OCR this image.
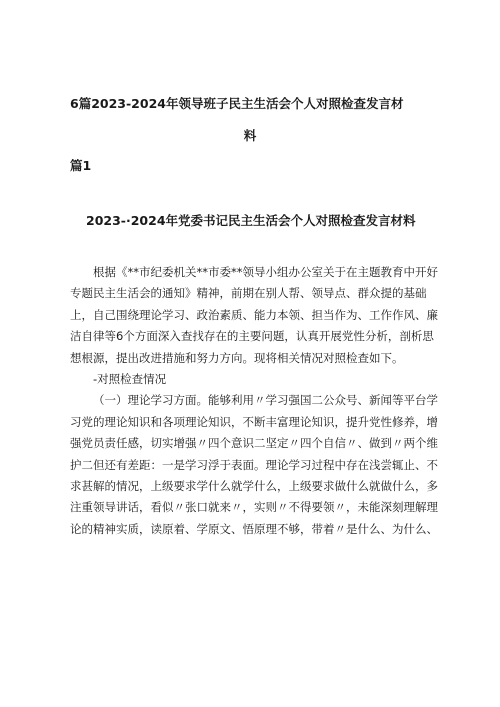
6篇2023-2024年领导班子民主生活会个人对照检查发言材
料
篇1
2023-·2024年党委书记民主生活会个人对照检查发言材料

根据《**市纪委机关**市委**领导小组办公室关于在主题教育中开好
专题民主生活会的通知》精神，前期在别人帮、领导点、群众提的基础
上，自己围绕理论学习、政治素质、能力本领、担当作为、工作作风、廉
洁自律等6个方面深入查找存在的主要问题，认真开展党性分析，剖析思
想根源，提出改进措施和努力方向。现将相关情况对照检查如下。

-对照检查情况

（一）理论学习方面。能够利用〃学习强国二公众号、新闻等平台学
习党的理论知识和各项理论知识，不断丰富理论知识，提升党性修养，增
强党员责任感，切实增强〃四个意识二坚定〃四个自信〃、做到〃两个维
护二但还有差距：一是学习浮于表面。理论学习过程中存在浅尝辄止、不
求甚解的情况，上级要求学什么就学什么，上级要求做什么就做什么，多
注重领导讲话，看似〃张口就来〃，实则〃不得要领〃，未能深刻理解理
论的精神实质，读原着、学原文、悟原理不够，带着〃是什么、为什么、
